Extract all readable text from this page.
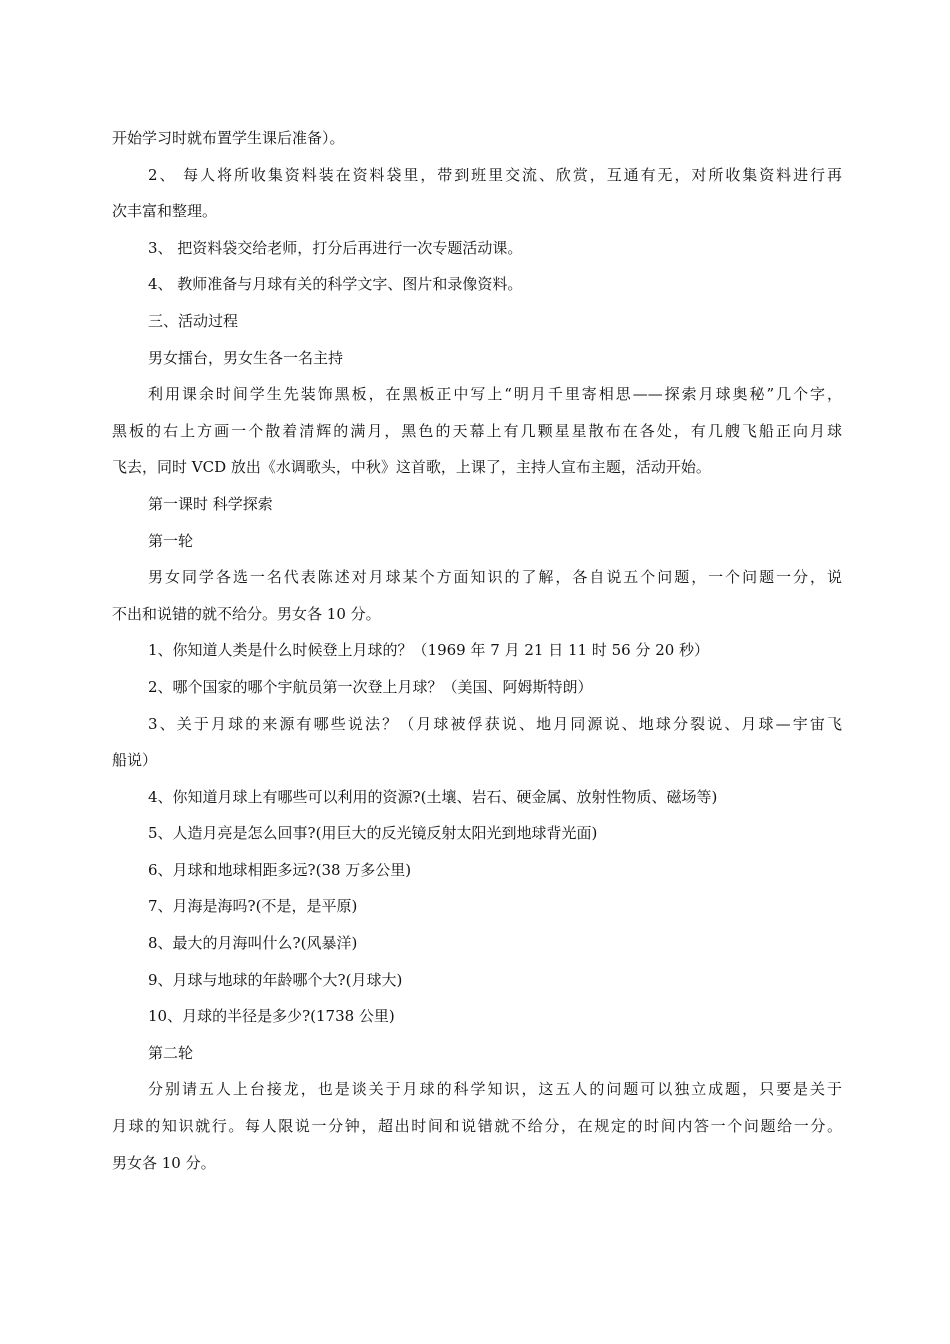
开始学习时就布置学生课后准备）。
2、 每人将所收集资料装在资料袋里，带到班里交流、欣赏，互通有无，对所收集资料进行再
次丰富和整理。
3、 把资料袋交给老师，打分后再进行一次专题活动课。
4、 教师准备与月球有关的科学文字、图片和录像资料。
三、活动过程
男女擂台，男女生各一名主持
利用课余时间学生先装饰黑板，在黑板正中写上“明月千里寄相思——探索月球奥秘”几个字，
黑板的右上方画一个散着清辉的满月，黑色的天幕上有几颗星星散布在各处，有几艘飞船正向月球
飞去，同时 VCD 放出《水调歌头，中秋》这首歌，上课了，主持人宣布主题，活动开始。
第一课时 科学探索
第一轮
男女同学各选一名代表陈述对月球某个方面知识的了解，各自说五个问题，一个问题一分，说
不出和说错的就不给分。男女各 10 分。
1、你知道人类是什么时候登上月球的？（1969 年 7 月 21 日 11 时 56 分 20 秒）
2、哪个国家的哪个宇航员第一次登上月球？（美国、阿姆斯特朗）
3、关于月球的来源有哪些说法？（月球被俘获说、地月同源说、地球分裂说、月球—宇宙飞
船说）
4、你知道月球上有哪些可以利用的资源?(土壤、岩石、硬金属、放射性物质、磁场等)
5、人造月亮是怎么回事?(用巨大的反光镜反射太阳光到地球背光面)
6、月球和地球相距多远?(38 万多公里)
7、月海是海吗?(不是，是平原)
8、最大的月海叫什么?(风暴洋)
9、月球与地球的年龄哪个大?(月球大)
10、月球的半径是多少?(1738 公里)
第二轮
分别请五人上台接龙，也是谈关于月球的科学知识，这五人的问题可以独立成题，只要是关于
月球的知识就行。每人限说一分钟，超出时间和说错就不给分，在规定的时间内答一个问题给一分。
男女各 10 分。
